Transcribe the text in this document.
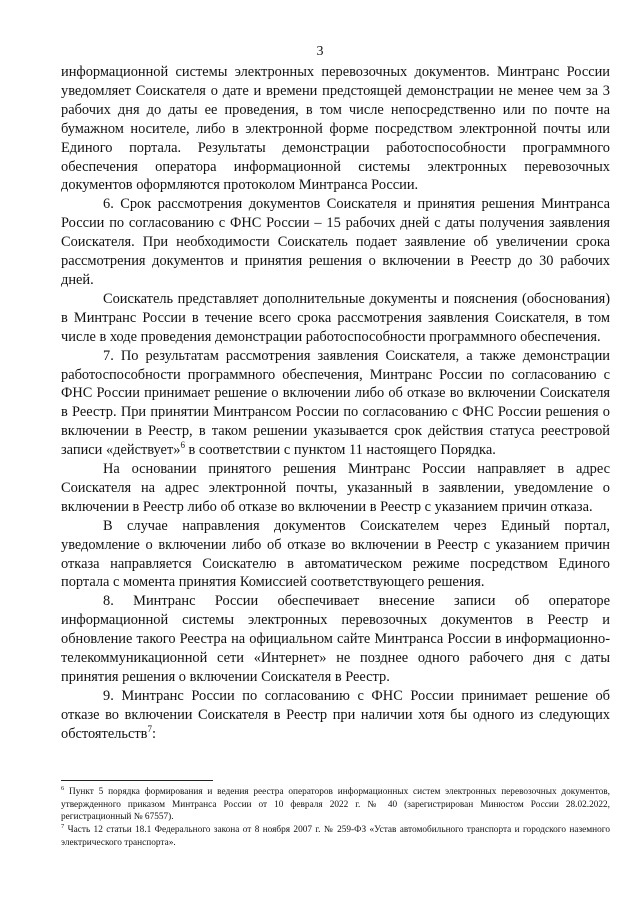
3

информационной системы электронных перевозочных документов. Минтранс России уведомляет Соискателя о дате и времени предстоящей демонстрации не менее чем за 3 рабочих дня до даты ее проведения, в том числе непосредственно или по почте на бумажном носителе, либо в электронной форме посредством электронной почты или Единого портала. Результаты демонстрации работоспособности программного обеспечения оператора информационной системы электронных перевозочных документов оформляются протоколом Минтранса России.

6. Срок рассмотрения документов Соискателя и принятия решения Минтранса России по согласованию с ФНС России – 15 рабочих дней с даты получения заявления Соискателя. При необходимости Соискатель подает заявление об увеличении срока рассмотрения документов и принятия решения о включении в Реестр до 30 рабочих дней.

Соискатель представляет дополнительные документы и пояснения (обоснования) в Минтранс России в течение всего срока рассмотрения заявления Соискателя, в том числе в ходе проведения демонстрации работоспособности программного обеспечения.

7. По результатам рассмотрения заявления Соискателя, а также демонстрации работоспособности программного обеспечения, Минтранс России по согласованию с ФНС России принимает решение о включении либо об отказе во включении Соискателя в Реестр. При принятии Минтрансом России по согласованию с ФНС России решения о включении в Реестр, в таком решении указывается срок действия статуса реестровой записи «действует»$^6$ в соответствии с пунктом 11 настоящего Порядка.

На основании принятого решения Минтранс России направляет в адрес Соискателя на адрес электронной почты, указанный в заявлении, уведомление о включении в Реестр либо об отказе во включении в Реестр с указанием причин отказа.

В случае направления документов Соискателем через Единый портал, уведомление о включении либо об отказе во включении в Реестр с указанием причин отказа направляется Соискателю в автоматическом режиме посредством Единого портала с момента принятия Комиссией соответствующего решения.

8. Минтранс России обеспечивает внесение записи об операторе информационной системы электронных перевозочных документов в Реестр и обновление такого Реестра на официальном сайте Минтранса России в информационно-телекоммуникационной сети «Интернет» не позднее одного рабочего дня с даты принятия решения о включении Соискателя в Реестр.

9. Минтранс России по согласованию с ФНС России принимает решение об отказе во включении Соискателя в Реестр при наличии хотя бы одного из следующих обстоятельств$^7$:

$^6$ Пункт 5 порядка формирования и ведения реестра операторов информационных систем электронных перевозочных документов, утвержденного приказом Минтранса России от 10 февраля 2022 г. № 40 (зарегистрирован Минюстом России 28.02.2022, регистрационный № 67557).

$^7$ Часть 12 статьи 18.1 Федерального закона от 8 ноября 2007 г. № 259-ФЗ «Устав автомобильного транспорта и городского наземного электрического транспорта».
